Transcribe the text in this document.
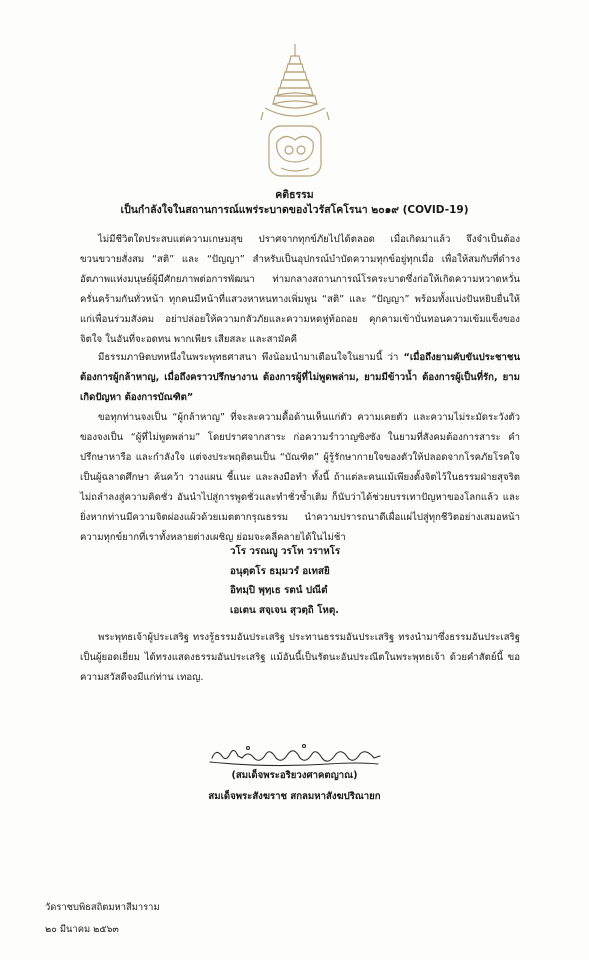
คติธรรม
เป็นกำลังใจในสถานการณ์แพร่ระบาดของไวรัสโคโรนา ๒๐๑๙ (COVID-19)

ไม่มีชีวิตใดประสบแต่ความเกษมสุข ปราศจากทุกข์ภัยไปได้ตลอด เมื่อเกิดมาแล้ว จึงจำเป็นต้องขวนขวายสั่งสม “สติ” และ “ปัญญา” สำหรับเป็นอุปกรณ์บำบัดความทุกข์อยู่ทุกเมื่อ เพื่อให้สมกับที่ดำรงอัตภาพแห่งมนุษย์ผู้มีศักยภาพต่อการพัฒนา ท่ามกลางสถานการณ์โรคระบาดซึ่งก่อให้เกิดความหวาดหวั่นครั่นคร้ามกันทั่วหน้า ทุกคนมีหน้าที่แสวงหาหนทางเพิ่มพูน “สติ” และ “ปัญญา” พร้อมทั้งแบ่งปันหยิบยื่นให้แก่เพื่อนร่วมสังคม อย่าปล่อยให้ความกลัวภัยและความหดหู่ท้อถอย คุกคามเข้าบั่นทอนความเข้มแข็งของจิตใจ ในอันที่จะอดทน พากเพียร เสียสละ และสามัคคี

มีธรรมภาษิตบทหนึ่งในพระพุทธศาสนา พึงน้อมนำมาเตือนใจในยามนี้ ว่า “เมื่อถึงยามคับขันประชาชนต้องการผู้กล้าหาญ, เมื่อถึงคราวปรึกษางาน ต้องการผู้ที่ไม่พูดพล่าม, ยามมีข้าวน้ำ ต้องการผู้เป็นที่รัก, ยามเกิดปัญหา ต้องการบัณฑิต”

ขอทุกท่านจงเป็น “ผู้กล้าหาญ” ที่จะละความดื้อด้านเห็นแก่ตัว ความเคยตัว และความไม่ระมัดระวังตัว ของจงเป็น “ผู้ที่ไม่พูดพล่าม” โดยปราศจากสาระ ก่อความรำวาญซิงซัง ในยามที่สังคมต้องการสาระ คำปรึกษาหารือ และกำลังใจ แต่จงประพฤติตนเป็น “บัณฑิต” ผู้รู้รักษากายใจของตัวให้ปลอดจากโรคภัยโรคใจ เป็นผู้ฉลาดศึกษา ค้นคว้า วางแผน ชี้แนะ และลงมือทำ ทั้งนี้ ถ้าแต่ละคนแม้เพียงตั้งจิตไว้ในธรรมฝ่ายสุจริต ไม่ถลำลงสู่ความคิดชั่ว อันนำไปสู่การพูดชั่วและทำชั่วซ้ำเติม ก็นับว่าได้ช่วยบรรเทาปัญหาของโลกแล้ว และยิ่งหากท่านมีความจิตผ่องแผ้วด้วยเมตตากรุณธรรม นำความปรารถนาดีเผื่อแผ่ไปสู่ทุกชีวิตอย่างเสมอหน้า ความทุกข์ยากที่เราทั้งหลายต่างเผชิญ ย่อมจะคลี่คลายได้ในไม่ช้า

วโร วรณญู วรโท วราหโร
อนุตฺตโร ธมฺมวรํ อเทสยิ
อิทมฺปิ พุทฺเธ รตนํ ปณีตํ
เอเตน สจฺเจน สุวตฺถิ โหตุ.

พระพุทธเจ้าผู้ประเสริฐ ทรงรู้ธรรมอันประเสริฐ ประทานธรรมอันประเสริฐ ทรงนำมาซึ่งธรรมอันประเสริฐ เป็นผู้ยอดเยี่ยม ได้ทรงแสดงธรรมอันประเสริฐ แม้อันนี้เป็นรัตนะอันประณีตในพระพุทธเจ้า ด้วยคำสัตย์นี้ ขอความสวัสดีจงมีแก่ท่าน เทอญ.

(สมเด็จพระอริยวงศาคตญาณ)
สมเด็จพระสังฆราช สกลมหาสังฆปริณายก
วัดราชบพิธสถิตมหาสีมาราม
๒๐ มีนาคม ๒๕๖๓
